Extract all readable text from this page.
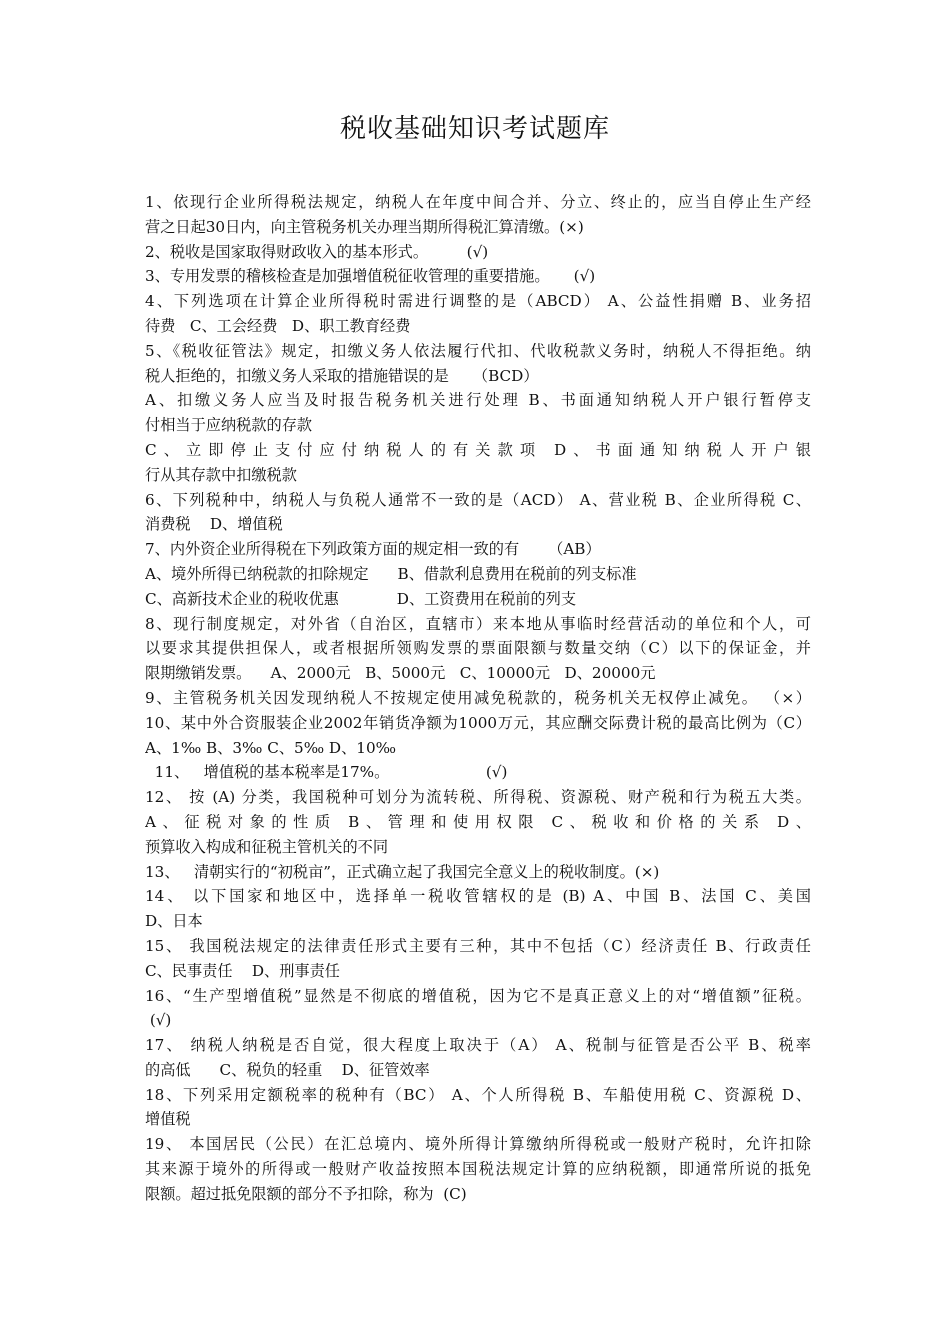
税收基础知识考试题库
1、依现行企业所得税法规定，纳税人在年度中间合并、分立、终止的，应当自停止生产经
营之日起30日内，向主管税务机关办理当期所得税汇算清缴。(×)
2、税收是国家取得财政收入的基本形式。        (√)
3、专用发票的稽核检查是加强增值税征收管理的重要措施。     (√)
4、下列选项在计算企业所得税时需进行调整的是（ABCD） A、公益性捐赠 B、业务招
待费   C、工会经费   D、职工教育经费
5、《税收征管法》规定，扣缴义务人依法履行代扣、代收税款义务时，纳税人不得拒绝。纳
税人拒绝的，扣缴义务人采取的措施错误的是     （BCD）
A、扣缴义务人应当及时报告税务机关进行处理 B、书面通知纳税人开户银行暂停支
付相当于应纳税款的存款
C、立即停止支付应付纳税人的有关款项 D、书面通知纳税人开户银
行从其存款中扣缴税款
6、下列税种中，纳税人与负税人通常不一致的是（ACD） A、营业税 B、企业所得税 C、
消费税    D、增值税
7、内外资企业所得税在下列政策方面的规定相一致的有      （AB）
A、境外所得已纳税款的扣除规定      B、借款利息费用在税前的列支标准
C、高新技术企业的税收优惠            D、工资费用在税前的列支
8、现行制度规定，对外省（自治区，直辖市）来本地从事临时经营活动的单位和个人，可
以要求其提供担保人，或者根据所领购发票的票面限额与数量交纳（C）以下的保证金，并
限期缴销发票。    A、2000元   B、5000元   C、10000元   D、20000元
9、主管税务机关因发现纳税人不按规定使用减免税款的，税务机关无权停止减免。 （×）
10、某中外合资服装企业2002年销货净额为1000万元，其应酬交际费计税的最高比例为（C）
A、1‰ B、3‰ C、5‰ D、10‰
11、   增值税的基本税率是17%。                    (√)
12、 按 (A) 分类，我国税种可划分为流转税、所得税、资源税、财产税和行为税五大类。
A、征税对象的性质 B、管理和使用权限 C、税收和价格的关系 D、
预算收入构成和征税主管机关的不同
13、   清朝实行的“初税亩”，正式确立起了我国完全意义上的税收制度。(×)
14、 以下国家和地区中，选择单一税收管辖权的是 (B) A、中国 B、法国 C、美国
D、日本
15、 我国税法规定的法律责任形式主要有三种，其中不包括（C）经济责任 B、行政责任
C、民事责任    D、刑事责任
16、“生产型增值税”显然是不彻底的增值税，因为它不是真正意义上的对“增值额”征税。
(√)
17、 纳税人纳税是否自觉，很大程度上取决于（A） A、税制与征管是否公平 B、税率
的高低      C、税负的轻重    D、征管效率
18、下列采用定额税率的税种有（BC） A、个人所得税 B、车船使用税 C、资源税 D、
增值税
19、 本国居民（公民）在汇总境内、境外所得计算缴纳所得税或一般财产税时，允许扣除
其来源于境外的所得或一般财产收益按照本国税法规定计算的应纳税额，即通常所说的抵免
限额。超过抵免限额的部分不予扣除，称为  (C)
